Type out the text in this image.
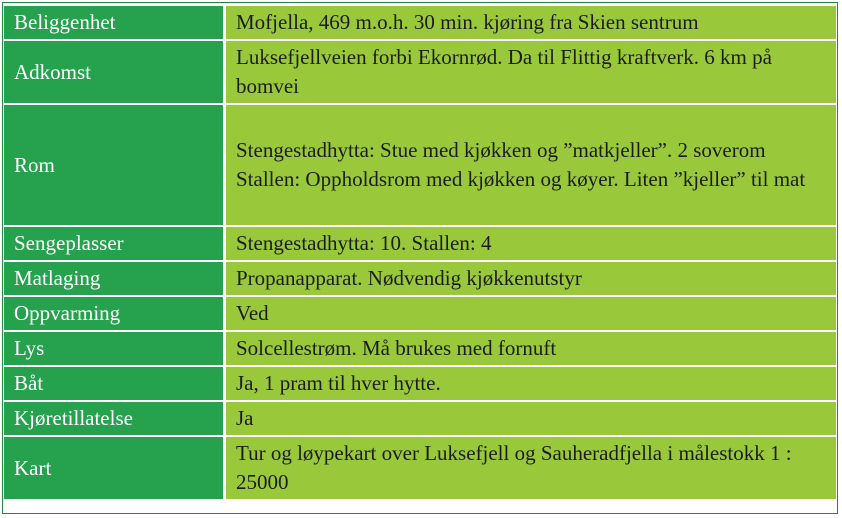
Beliggenhet	Mofjella, 469 m.o.h. 30 min. kjøring fra Skien sentrum

Adkomst	Luksefjellveien forbi Ekornrød. Da til Flittig kraftverk. 6 km på bomvei

Rom	Stengestadhytta: Stue med kjøkken og ”matkjeller”. 2 soverom
Stallen: Oppholdsrom med kjøkken og køyer. Liten ”kjeller” til mat

Sengeplasser	Stengestadhytta: 10. Stallen: 4

Matlaging	Propanapparat. Nødvendig kjøkkenutstyr

Oppvarming	Ved

Lys	Solcellestrøm. Må brukes med fornuft

Båt	Ja, 1 pram til hver hytte.

Kjøretillatelse	Ja

Kart	Tur og løypekart over Luksefjell og Sauheradfjella i målestokk 1 : 25000
